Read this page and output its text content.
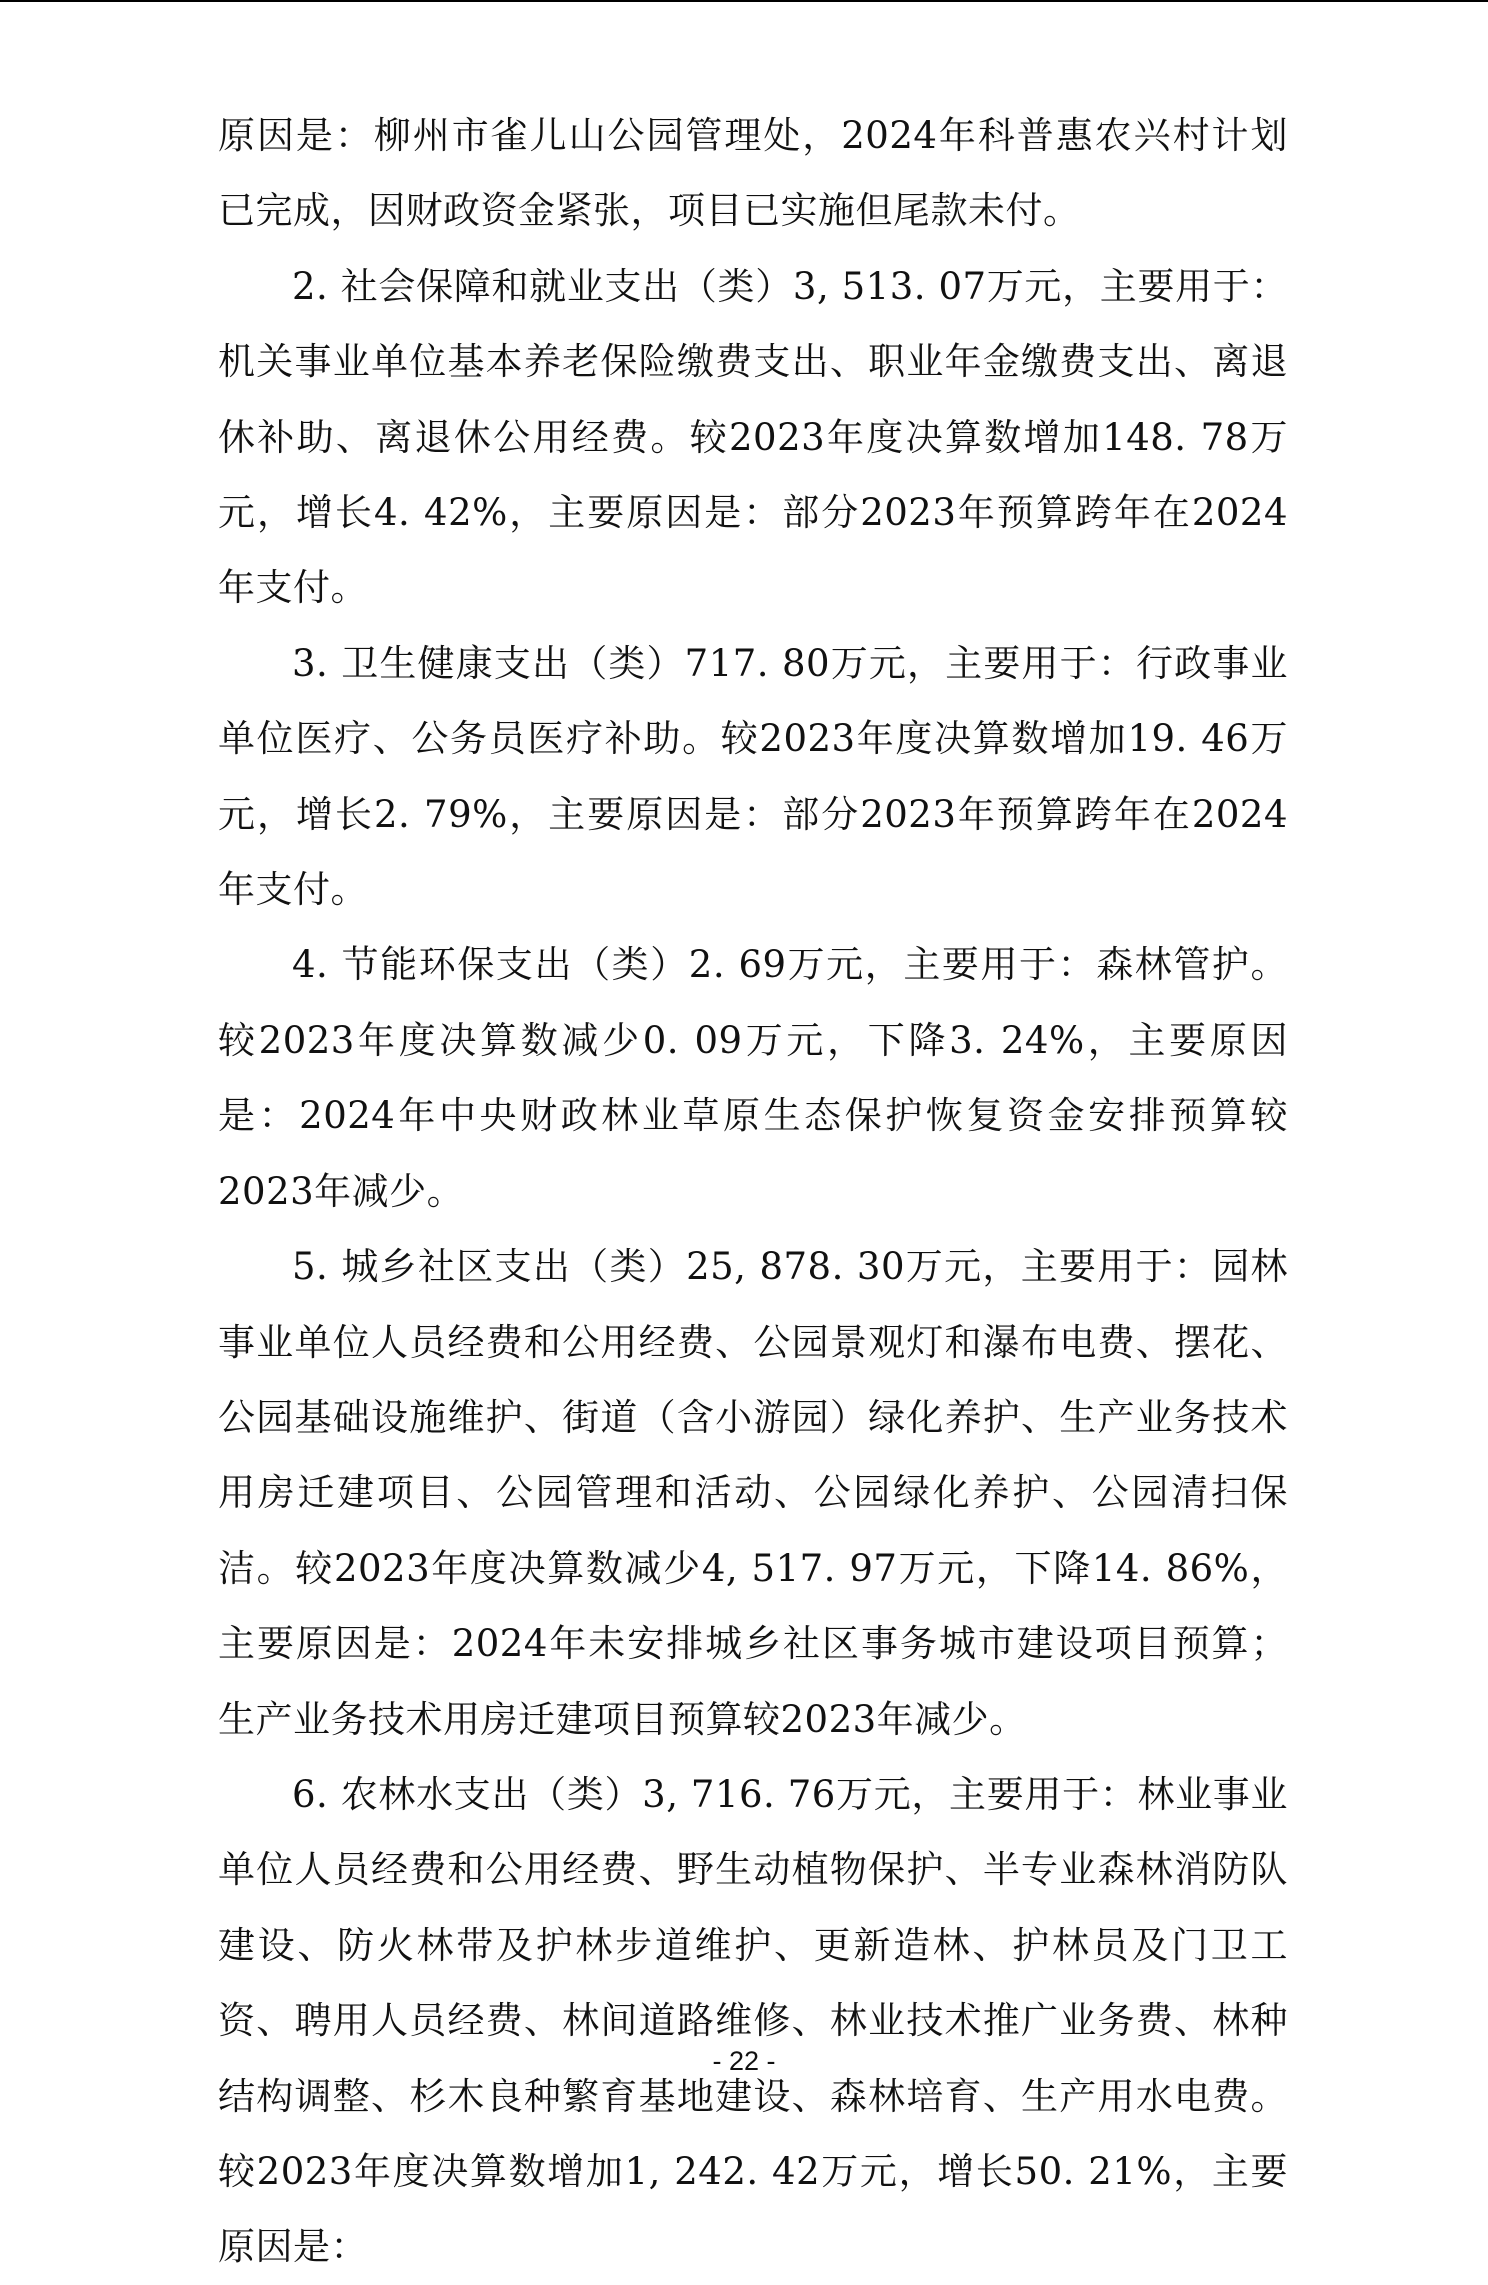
原因是：柳州市雀儿山公园管理处，2024年科普惠农兴村计划已完成，因财政资金紧张，项目已实施但尾款未付。

2. 社会保障和就业支出（类）3, 513. 07万元，主要用于：机关事业单位基本养老保险缴费支出、职业年金缴费支出、离退休补助、离退休公用经费。较2023年度决算数增加148. 78万元，增长4. 42%，主要原因是：部分2023年预算跨年在2024年支付。

3. 卫生健康支出（类）717. 80万元，主要用于：行政事业单位医疗、公务员医疗补助。较2023年度决算数增加19. 46万元，增长2. 79%，主要原因是：部分2023年预算跨年在2024年支付。

4. 节能环保支出（类）2. 69万元，主要用于：森林管护。较2023年度决算数减少0. 09万元，下降3. 24%，主要原因是：2024年中央财政林业草原生态保护恢复资金安排预算较2023年减少。

5. 城乡社区支出（类）25, 878. 30万元，主要用于：园林事业单位人员经费和公用经费、公园景观灯和瀑布电费、摆花、公园基础设施维护、街道（含小游园）绿化养护、生产业务技术用房迁建项目、公园管理和活动、公园绿化养护、公园清扫保洁。较2023年度决算数减少4, 517. 97万元，下降14. 86%，主要原因是：2024年未安排城乡社区事务城市建设项目预算；生产业务技术用房迁建项目预算较2023年减少。

6. 农林水支出（类）3, 716. 76万元，主要用于：林业事业单位人员经费和公用经费、野生动植物保护、半专业森林消防队建设、防火林带及护林步道维护、更新造林、护林员及门卫工资、聘用人员经费、林间道路维修、林业技术推广业务费、林种结构调整、杉木良种繁育基地建设、森林培育、生产用水电费。较2023年度决算数增加1, 242. 42万元，增长50. 21%，主要原因是：

- 22 -
